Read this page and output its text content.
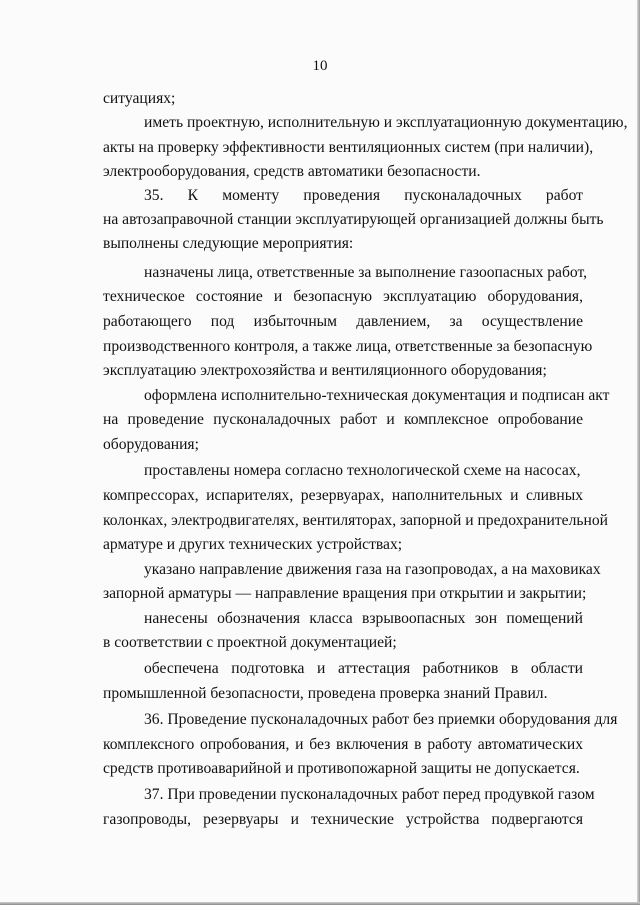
10
ситуациях;
иметь проектную, исполнительную и эксплуатационную документацию,
акты на проверку эффективности вентиляционных систем (при наличии),
электрооборудования, средств автоматики безопасности.
35. К моменту проведения пусконаладочных работ
на автозаправочной станции эксплуатирующей организацией должны быть
выполнены следующие мероприятия:
назначены лица, ответственные за выполнение газоопасных работ,
техническое состояние и безопасную эксплуатацию оборудования,
работающего под избыточным давлением, за осуществление
производственного контроля, а также лица, ответственные за безопасную
эксплуатацию электрохозяйства и вентиляционного оборудования;
оформлена исполнительно-техническая документация и подписан акт
на проведение пусконаладочных работ и комплексное опробование
оборудования;
проставлены номера согласно технологической схеме на насосах,
компрессорах, испарителях, резервуарах, наполнительных и сливных
колонках, электродвигателях, вентиляторах, запорной и предохранительной
арматуре и других технических устройствах;
указано направление движения газа на газопроводах, а на маховиках
запорной арматуры — направление вращения при открытии и закрытии;
нанесены обозначения класса взрывоопасных зон помещений
в соответствии с проектной документацией;
обеспечена подготовка и аттестация работников в области
промышленной безопасности, проведена проверка знаний Правил.
36. Проведение пусконаладочных работ без приемки оборудования для
комплексного опробования, и без включения в работу автоматических
средств противоаварийной и противопожарной защиты не допускается.
37. При проведении пусконаладочных работ перед продувкой газом
газопроводы, резервуары и технические устройства подвергаются
